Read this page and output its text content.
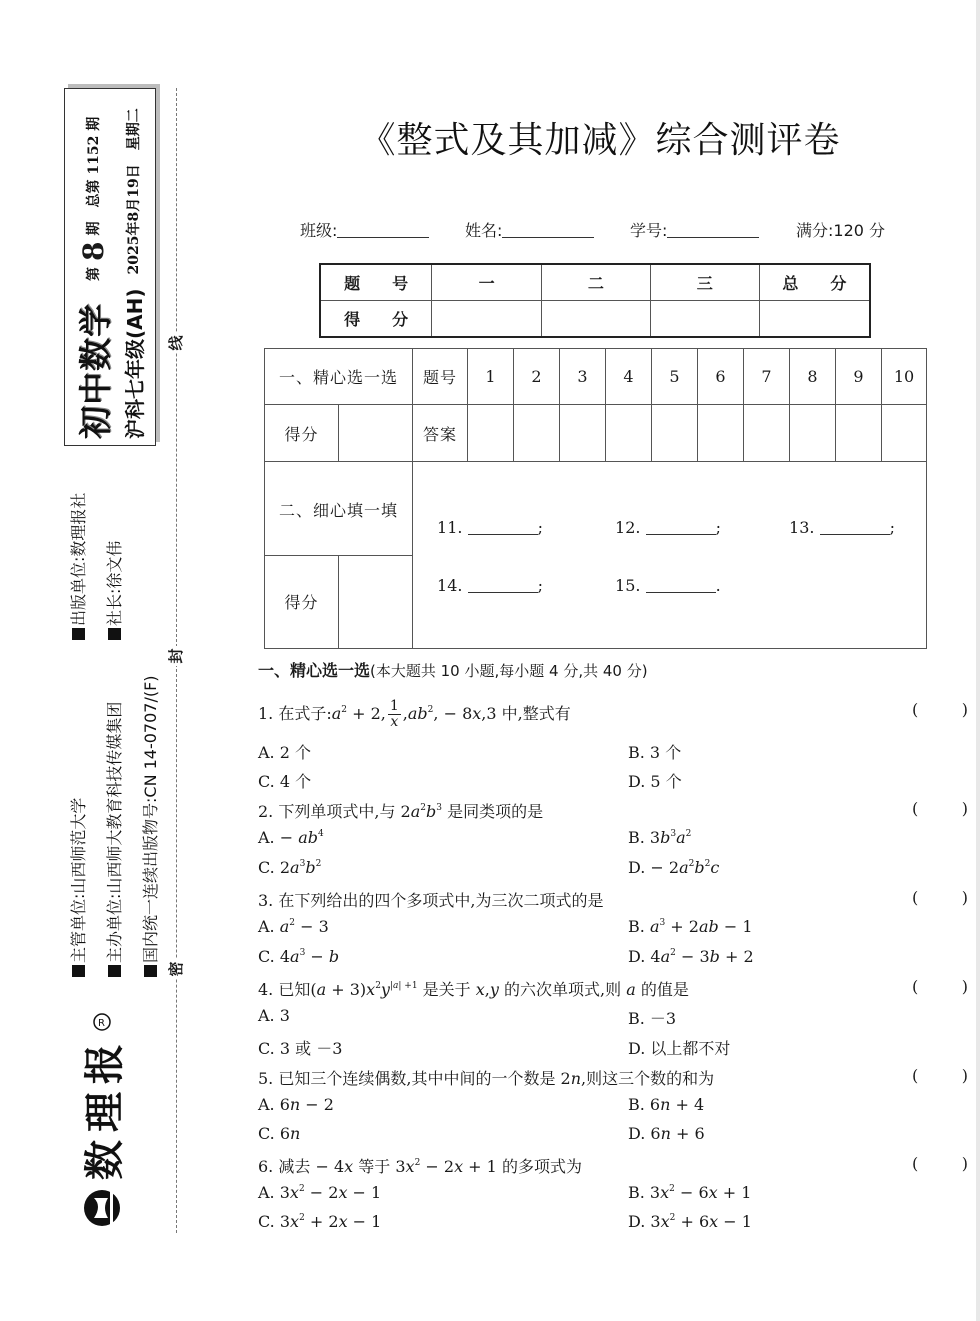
初中数学
第
8
期
总第 1152 期
沪科七年级(AH)
2025年8月19日
星期二
出版单位:数理报社 社长:徐文伟
主管单位:山西师范大学 主办单位:山西师大教育科技传媒集团 国内统一连续出版物号:CN 14-0707/(F)
数理报
R
线
封
密
《整式及其加减》综合测评卷
班级:	姓名:	学号:	满分:120 分
题　　号	一	二	三	总　　分
得　　分				
一、精心选一选		题号	1	2	3	4	5	6	7	8	9	10
得分		答案										
二、细心填一填		11. ; 12. ; 13. ;
14. ; 15. .										

得分												
一、精心选一选(本大题共 10 小题,每小题 4 分,共 40 分)
1. 在式子$:a^2 + 2$, $\frac{1}{x} ,ab^2$, − 8x,3 中,整式有	(	)
A. 2 个	B. 3 个
C. 4 个	D. 5 个
2. 下列单项式中,与 $2a^2b^3$ 是同类项的是	(	)
A. − $ab^4$	B. $3b^3a^2$
C. $2a^3b^2$	D. − $2a^2b^2c$
3. 在下列给出的四个多项式中,为三次二项式的是	(	)
A. $a^2 - 3$	B. $a^3 + 2ab - 1$
C. $4a^3 - b$	D. $4a^2 - 3b + 2$
4. 已知$(a + 3)x^2y^{|a| +1}$ 是关于 x,y 的六次单项式,则 a 的值是	(	)
A. 3	B. －3
C. 3 或 －3	D. 以上都不对
5. 已知三个连续偶数,其中中间的一个数是 2n,则这三个数的和为	(	)
A. 6n − 2	B. 6n + 4
C. 6n	D. 6n + 6
6. 减去 − 4x 等于 $3x^2 - 2x + 1$ 的多项式为	(	)
A. $3x^2 - 2x - 1$	B. $3x^2 - 6x + 1$
C. $3x^2 + 2x - 1$	D. $3x^2 + 6x - 1$
